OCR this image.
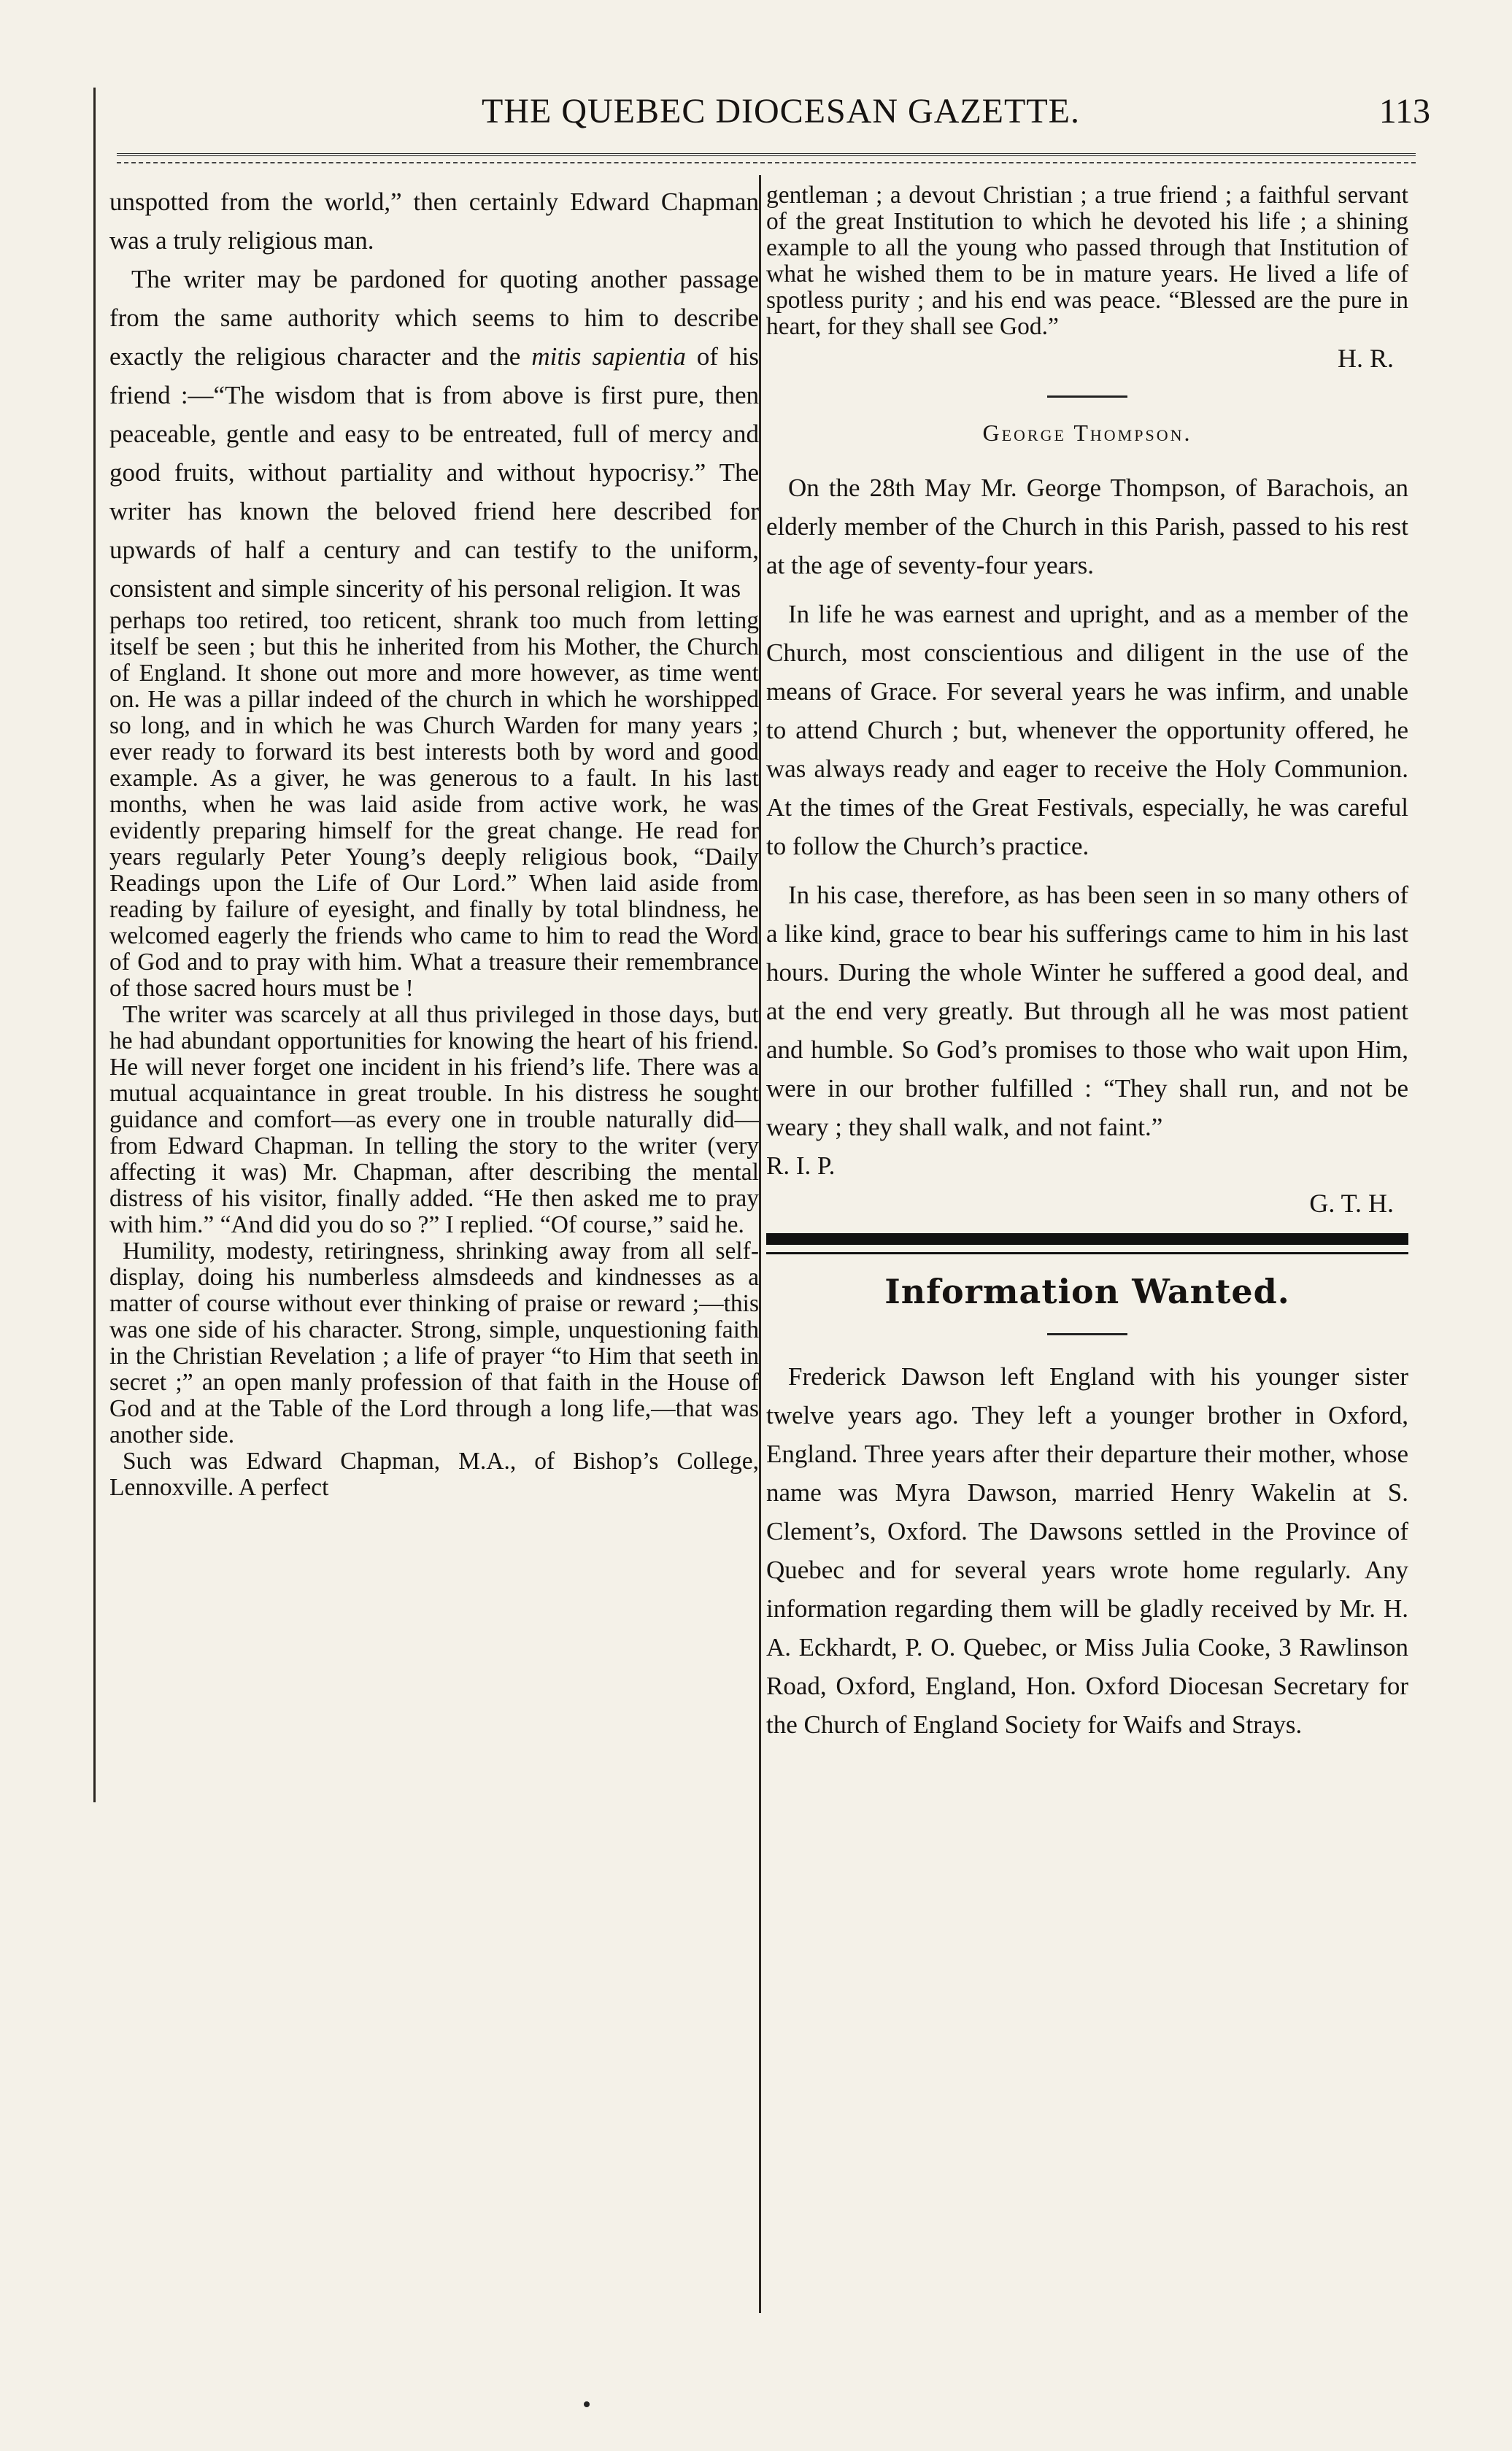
THE QUEBEC DIOCESAN GAZETTE.	113

unspotted from the world,” then certainly Edward Chapman was a truly religious man.

The writer may be pardoned for quoting another passage from the same authority which seems to him to describe exactly the religious character and the mitis sapientia of his friend :—“The wisdom that is from above is first pure, then peaceable, gentle and easy to be entreated, full of mercy and good fruits, without partiality and without hypocrisy.” The writer has known the beloved friend here described for upwards of half a century and can testify to the uniform, consistent and simple sincerity of his personal religion. It was

perhaps too retired, too reticent, shrank too much from letting itself be seen ; but this he inherited from his Mother, the Church of England. It shone out more and more however, as time went on. He was a pillar indeed of the church in which he worshipped so long, and in which he was Church Warden for many years ; ever ready to forward its best interests both by word and good example. As a giver, he was generous to a fault. In his last months, when he was laid aside from active work, he was evidently preparing himself for the great change. He read for years regularly Peter Young’s deeply religious book, “Daily Readings upon the Life of Our Lord.” When laid aside from reading by failure of eyesight, and finally by total blindness, he welcomed eagerly the friends who came to him to read the Word of God and to pray with him. What a treasure their remembrance of those sacred hours must be !

The writer was scarcely at all thus privileged in those days, but he had abundant opportunities for knowing the heart of his friend. He will never forget one incident in his friend’s life. There was a mutual acquaintance in great trouble. In his distress he sought guidance and comfort—as every one in trouble naturally did—from Edward Chapman. In telling the story to the writer (very affecting it was) Mr. Chapman, after describing the mental distress of his visitor, finally added. “He then asked me to pray with him.” “And did you do so ?” I replied. “Of course,” said he.

Humility, modesty, retiringness, shrinking away from all self-display, doing his numberless almsdeeds and kindnesses as a matter of course without ever thinking of praise or reward ;—this was one side of his character. Strong, simple, unquestioning faith in the Christian Revelation ; a life of prayer “to Him that seeth in secret ;” an open manly profession of that faith in the House of God and at the Table of the Lord through a long life,—that was another side.

Such was Edward Chapman, M.A., of Bishop’s College, Lennoxville. A perfect

gentleman ; a devout Christian ; a true friend ; a faithful servant of the great Institution to which he devoted his life ; a shining example to all the young who passed through that Institution of what he wished them to be in mature years. He lived a life of spotless purity ; and his end was peace. “Blessed are the pure in heart, for they shall see God.”

H. R.
George Thompson.

On the 28th May Mr. George Thompson, of Barachois, an elderly member of the Church in this Parish, passed to his rest at the age of seventy-four years.

In life he was earnest and upright, and as a member of the Church, most conscientious and diligent in the use of the means of Grace. For several years he was infirm, and unable to attend Church ; but, whenever the opportunity offered, he was always ready and eager to receive the Holy Communion. At the times of the Great Festivals, especially, he was careful to follow the Church’s practice.

In his case, therefore, as has been seen in so many others of a like kind, grace to bear his sufferings came to him in his last hours. During the whole Winter he suffered a good deal, and at the end very greatly. But through all he was most patient and humble. So God’s promises to those who wait upon Him, were in our brother fulfilled : “They shall run, and not be weary ; they shall walk, and not faint.”

R. I. P.

G. T. H.
Information Wanted.

Frederick Dawson left England with his younger sister twelve years ago. They left a younger brother in Oxford, England. Three years after their departure their mother, whose name was Myra Dawson, married Henry Wakelin at S. Clement’s, Oxford. The Dawsons settled in the Province of Quebec and for several years wrote home regularly. Any information regarding them will be gladly received by Mr. H. A. Eckhardt, P. O. Quebec, or Miss Julia Cooke, 3 Rawlinson Road, Oxford, England, Hon. Oxford Diocesan Secretary for the Church of England Society for Waifs and Strays.
